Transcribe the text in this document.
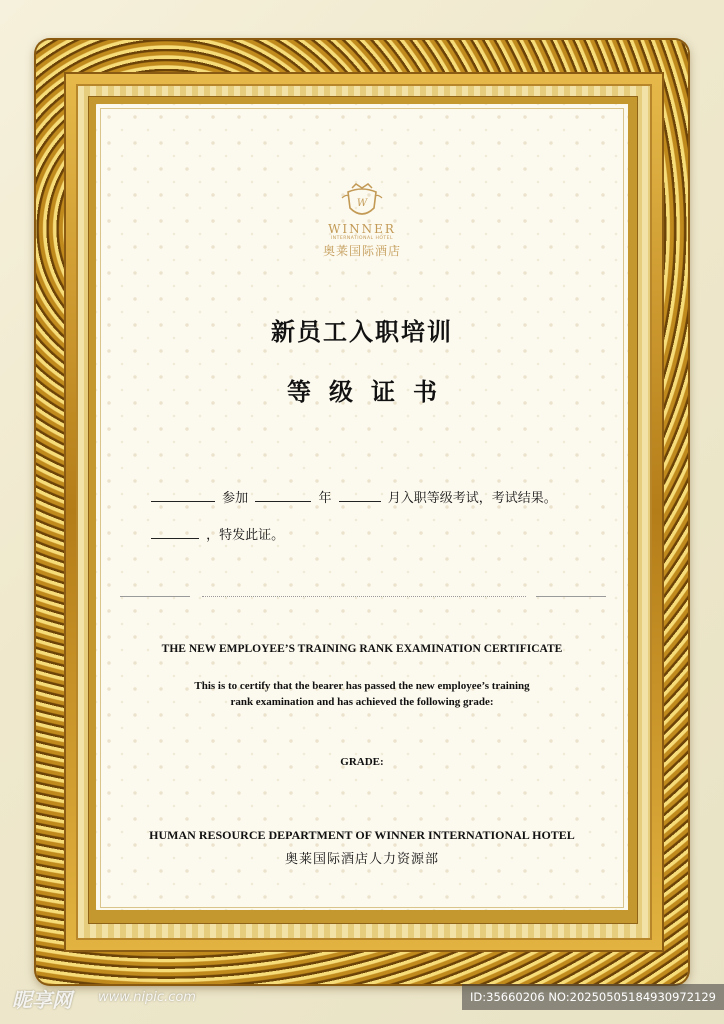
W
WINNER
INTERNATIONAL HOTEL
奥莱国际酒店
新员工入职培训
等级证书
参加	年	月入职等级考试，考试结果。
，特发此证。
THE NEW EMPLOYEE’S TRAINING RANK EXAMINATION CERTIFICATE
This is to certify that the bearer has passed the new employee’s training
rank examination and has achieved the following grade:
GRADE:
HUMAN RESOURCE DEPARTMENT OF WINNER INTERNATIONAL HOTEL
奥莱国际酒店人力资源部
昵享网 www.nipic.com	ID:35660206 NO:20250505184930972129
